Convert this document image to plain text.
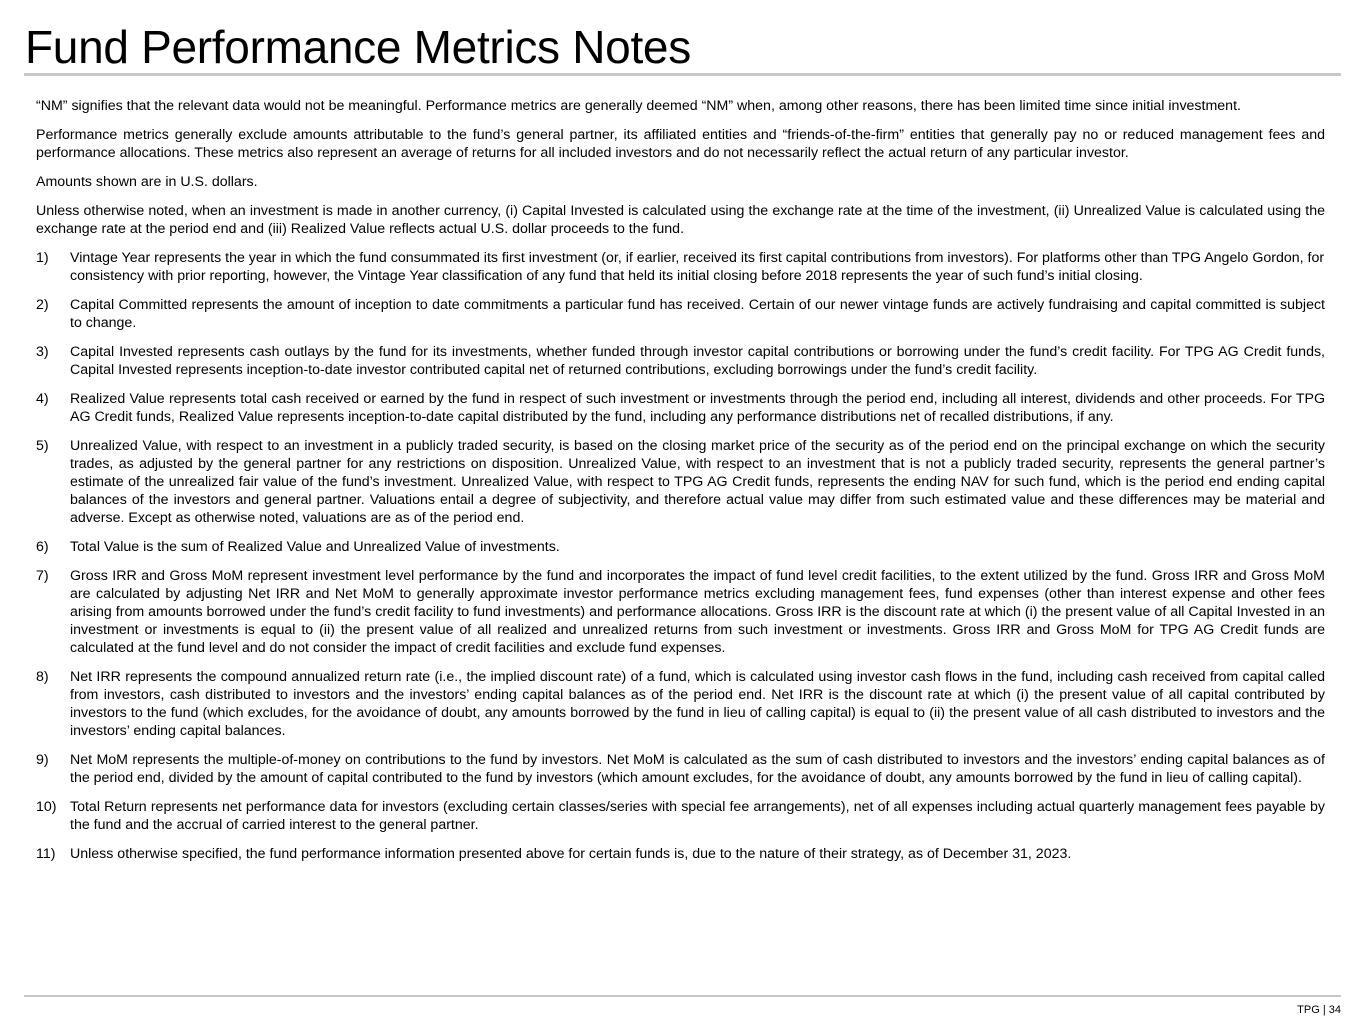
Fund Performance Metrics Notes

“NM” signifies that the relevant data would not be meaningful. Performance metrics are generally deemed “NM” when, among other reasons, there has been limited time since initial investment.

Performance metrics generally exclude amounts attributable to the fund’s general partner, its affiliated entities and “friends-of-the-firm” entities that generally pay no or reduced management fees and performance allocations. These metrics also represent an average of returns for all included investors and do not necessarily reflect the actual return of any particular investor.

Amounts shown are in U.S. dollars.

Unless otherwise noted, when an investment is made in another currency, (i) Capital Invested is calculated using the exchange rate at the time of the investment, (ii) Unrealized Value is calculated using the exchange rate at the period end and (iii) Realized Value reflects actual U.S. dollar proceeds to the fund.

1)	Vintage Year represents the year in which the fund consummated its first investment (or, if earlier, received its first capital contributions from investors). For platforms other than TPG Angelo Gordon, for consistency with prior reporting, however, the Vintage Year classification of any fund that held its initial closing before 2018 represents the year of such fund’s initial closing.
2)	Capital Committed represents the amount of inception to date commitments a particular fund has received. Certain of our newer vintage funds are actively fundraising and capital committed is subject to change.
3)	Capital Invested represents cash outlays by the fund for its investments, whether funded through investor capital contributions or borrowing under the fund’s credit facility. For TPG AG Credit funds, Capital Invested represents inception-to-date investor contributed capital net of returned contributions, excluding borrowings under the fund’s credit facility.
4)	Realized Value represents total cash received or earned by the fund in respect of such investment or investments through the period end, including all interest, dividends and other proceeds. For TPG AG Credit funds, Realized Value represents inception-to-date capital distributed by the fund, including any performance distributions net of recalled distributions, if any.
5)	Unrealized Value, with respect to an investment in a publicly traded security, is based on the closing market price of the security as of the period end on the principal exchange on which the security trades, as adjusted by the general partner for any restrictions on disposition. Unrealized Value, with respect to an investment that is not a publicly traded security, represents the general partner’s estimate of the unrealized fair value of the fund’s investment. Unrealized Value, with respect to TPG AG Credit funds, represents the ending NAV for such fund, which is the period end ending capital balances of the investors and general partner. Valuations entail a degree of subjectivity, and therefore actual value may differ from such estimated value and these differences may be material and adverse. Except as otherwise noted, valuations are as of the period end.
6)	Total Value is the sum of Realized Value and Unrealized Value of investments.
7)	Gross IRR and Gross MoM represent investment level performance by the fund and incorporates the impact of fund level credit facilities, to the extent utilized by the fund. Gross IRR and Gross MoM are calculated by adjusting Net IRR and Net MoM to generally approximate investor performance metrics excluding management fees, fund expenses (other than interest expense and other fees arising from amounts borrowed under the fund’s credit facility to fund investments) and performance allocations. Gross IRR is the discount rate at which (i) the present value of all Capital Invested in an investment or investments is equal to (ii) the present value of all realized and unrealized returns from such investment or investments. Gross IRR and Gross MoM for TPG AG Credit funds are calculated at the fund level and do not consider the impact of credit facilities and exclude fund expenses.
8)	Net IRR represents the compound annualized return rate (i.e., the implied discount rate) of a fund, which is calculated using investor cash flows in the fund, including cash received from capital called from investors, cash distributed to investors and the investors’ ending capital balances as of the period end. Net IRR is the discount rate at which (i) the present value of all capital contributed by investors to the fund (which excludes, for the avoidance of doubt, any amounts borrowed by the fund in lieu of calling capital) is equal to (ii) the present value of all cash distributed to investors and the investors’ ending capital balances.
9)	Net MoM represents the multiple-of-money on contributions to the fund by investors. Net MoM is calculated as the sum of cash distributed to investors and the investors’ ending capital balances as of the period end, divided by the amount of capital contributed to the fund by investors (which amount excludes, for the avoidance of doubt, any amounts borrowed by the fund in lieu of calling capital).
10) Total Return represents net performance data for investors (excluding certain classes/series with special fee arrangements), net of all expenses including actual quarterly management fees payable by the fund and the accrual of carried interest to the general partner.
11)	Unless otherwise specified, the fund performance information presented above for certain funds is, due to the nature of their strategy, as of December 31, 2023.
TPG | 34
